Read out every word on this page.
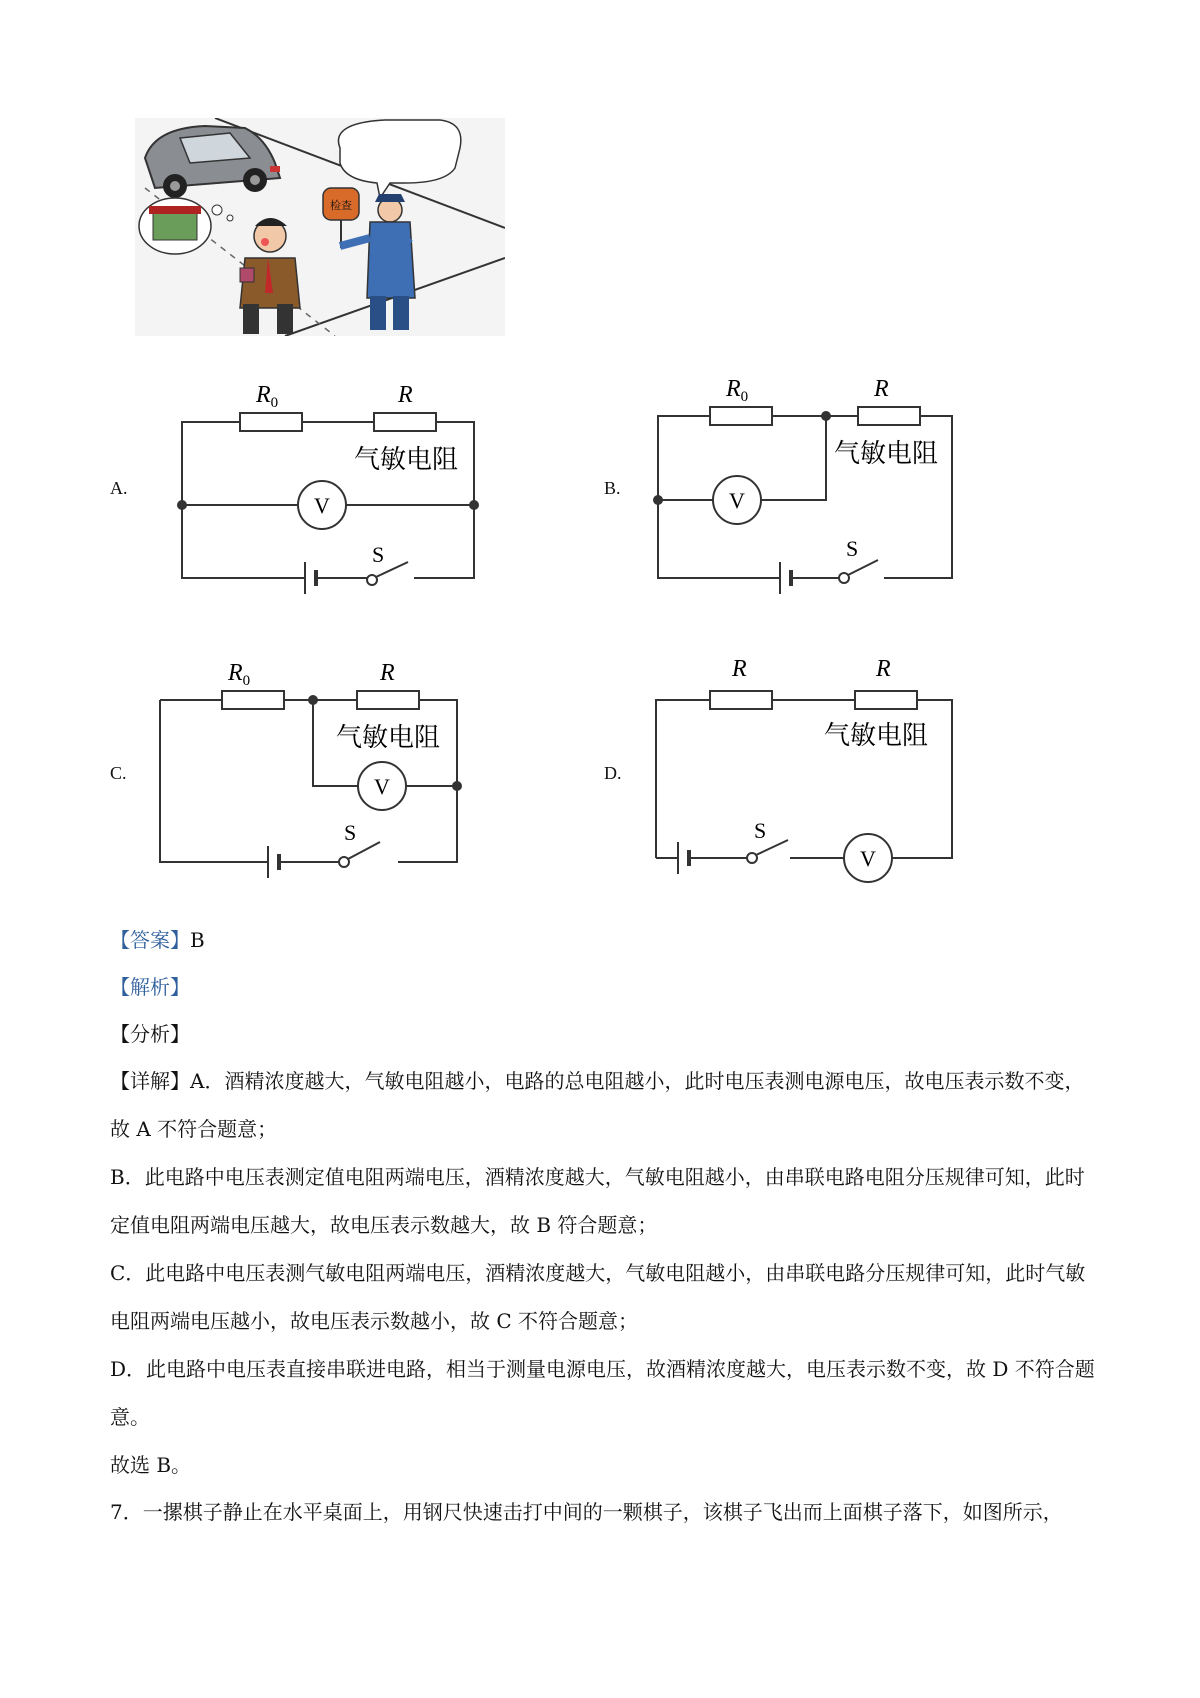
检查
A.	B.
C.	D.
$R_0$	R
气敏电阻
V
S
$R_0$	R
气敏电阻
V
S
$R_0$	R
气敏电阻
V
S
R	R
气敏电阻
V
S
【答案】B
【解析】
【分析】
【详解】A．酒精浓度越大，气敏电阻越小，电路的总电阻越小，此时电压表测电源电压，故电压表示数不变，故 A 不符合题意；
B．此电路中电压表测定值电阻两端电压，酒精浓度越大，气敏电阻越小，由串联电路电阻分压规律可知，此时定值电阻两端电压越大，故电压表示数越大，故 B 符合题意；
C．此电路中电压表测气敏电阻两端电压，酒精浓度越大，气敏电阻越小，由串联电路分压规律可知，此时气敏电阻两端电压越小，故电压表示数越小，故 C 不符合题意；
D．此电路中电压表直接串联进电路，相当于测量电源电压，故酒精浓度越大，电压表示数不变，故 D 不符合题意。
故选 B。
7．一摞棋子静止在水平桌面上，用钢尺快速击打中间的一颗棋子，该棋子飞出而上面棋子落下，如图所示，
